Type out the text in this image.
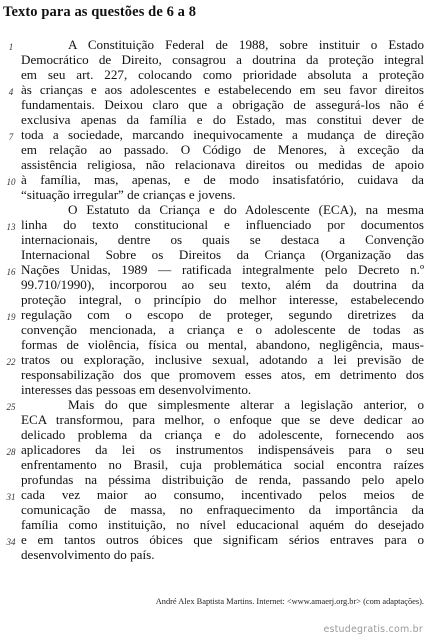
Texto para as questões de 6 a 8
A Constituição Federal de 1988, sobre instituir o Estado
Democrático de Direito, consagrou a doutrina da proteção integral
em seu art. 227, colocando como prioridade absoluta a proteção
às crianças e aos adolescentes e estabelecendo em seu favor direitos
fundamentais. Deixou claro que a obrigação de assegurá-los não é
exclusiva apenas da família e do Estado, mas constitui dever de
toda a sociedade, marcando inequivocamente a mudança de direção
em relação ao passado. O Código de Menores, à exceção da
assistência religiosa, não relacionava direitos ou medidas de apoio
à família, mas, apenas, e de modo insatisfatório, cuidava da
“situação irregular” de crianças e jovens.
O Estatuto da Criança e do Adolescente (ECA), na mesma
linha do texto constitucional e influenciado por documentos
internacionais, dentre os quais se destaca a Convenção
Internacional Sobre os Direitos da Criança (Organização das
Nações Unidas, 1989 — ratificada integralmente pelo Decreto n.º
99.710/1990), incorporou ao seu texto, além da doutrina da
proteção integral, o princípio do melhor interesse, estabelecendo
regulação com o escopo de proteger, segundo diretrizes da
convenção mencionada, a criança e o adolescente de todas as
formas de violência, física ou mental, abandono, negligência, maus-
tratos ou exploração, inclusive sexual, adotando a lei previsão de
responsabilização dos que promovem esses atos, em detrimento dos
interesses das pessoas em desenvolvimento.
Mais do que simplesmente alterar a legislação anterior, o
ECA transformou, para melhor, o enfoque que se deve dedicar ao
delicado problema da criança e do adolescente, fornecendo aos
aplicadores da lei os instrumentos indispensáveis para o seu
enfrentamento no Brasil, cuja problemática social encontra raízes
profundas na péssima distribuição de renda, passando pelo apelo
cada vez maior ao consumo, incentivado pelos meios de
comunicação de massa, no enfraquecimento da importância da
família como instituição, no nível educacional aquém do desejado
e em tantos outros óbices que significam sérios entraves para o
desenvolvimento do país.
1
4
7
10
13
16
19
22
25
28
31
34
André Alex Baptista Martins. Internet: <www.amaerj.org.br> (com adaptações).
estudegratis.com.br
